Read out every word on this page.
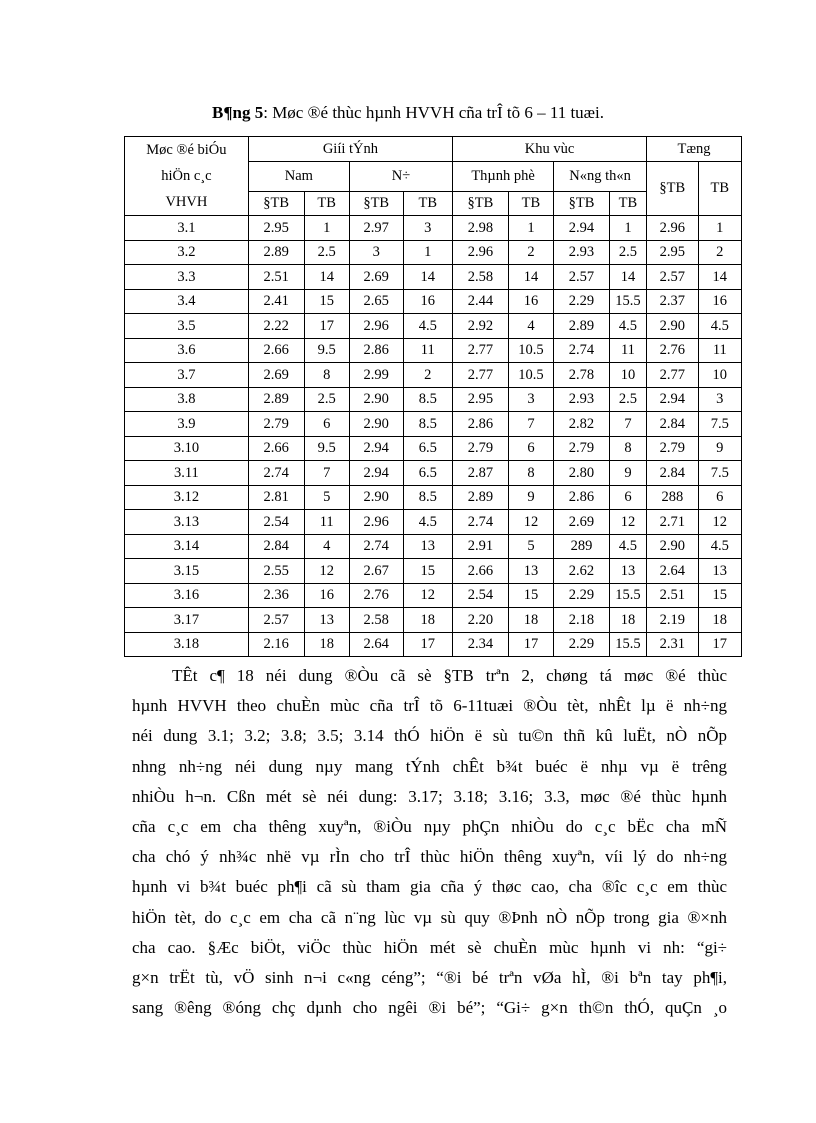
B¶ng 5: Møc ®é thùc hµnh HVVH cña trÎ tõ 6 – 11 tuæi.
Møc ®é biÓu
hiÖn c¸c
VHVH	Giíi tÝnh				Khu vùc				Tæng	
	Nam		N÷		Thµnh phè		N«ng th«n		§TB	TB
	§TB	TB	§TB	TB	§TB	TB	§TB	TB		
3.1	2.95	1	2.97	3	2.98	1	2.94	1	2.96	1
3.2	2.89	2.5	3	1	2.96	2	2.93	2.5	2.95	2
3.3	2.51	14	2.69	14	2.58	14	2.57	14	2.57	14
3.4	2.41	15	2.65	16	2.44	16	2.29	15.5	2.37	16
3.5	2.22	17	2.96	4.5	2.92	4	2.89	4.5	2.90	4.5
3.6	2.66	9.5	2.86	11	2.77	10.5	2.74	11	2.76	11
3.7	2.69	8	2.99	2	2.77	10.5	2.78	10	2.77	10
3.8	2.89	2.5	2.90	8.5	2.95	3	2.93	2.5	2.94	3
3.9	2.79	6	2.90	8.5	2.86	7	2.82	7	2.84	7.5
3.10	2.66	9.5	2.94	6.5	2.79	6	2.79	8	2.79	9
3.11	2.74	7	2.94	6.5	2.87	8	2.80	9	2.84	7.5
3.12	2.81	5	2.90	8.5	2.89	9	2.86	6	288	6
3.13	2.54	11	2.96	4.5	2.74	12	2.69	12	2.71	12
3.14	2.84	4	2.74	13	2.91	5	289	4.5	2.90	4.5
3.15	2.55	12	2.67	15	2.66	13	2.62	13	2.64	13
3.16	2.36	16	2.76	12	2.54	15	2.29	15.5	2.51	15
3.17	2.57	13	2.58	18	2.20	18	2.18	18	2.19	18
3.18	2.16	18	2.64	17	2.34	17	2.29	15.5	2.31	17
TÊt c¶ 18 néi dung ®Òu cã sè §TB trªn 2, chøng tá møc ®é thùc
hµnh HVVH theo chuÈn mùc cña trÎ tõ 6-11tuæi ®Òu tèt, nhÊt lµ ë nh÷ng
néi dung 3.1; 3.2; 3.8; 3.5; 3.14 thÓ hiÖn ë sù tu©n thñ kû luËt, nÒ nÕp
nhng nh÷ng néi dung nµy mang tÝnh chÊt b¾t buéc ë nhµ vµ ë trêng
nhiÒu h¬n. Cßn mét sè néi dung: 3.17; 3.18; 3.16; 3.3, møc ®é thùc hµnh
cña c¸c em cha thêng xuyªn, ®iÒu nµy phÇn nhiÒu do c¸c bËc cha mÑ
cha chó ý nh¾c nhë vµ rÌn cho trÎ thùc hiÖn thêng xuyªn, víi lý do nh÷ng
hµnh vi b¾t buéc ph¶i cã sù tham gia cña ý thøc cao, cha ®îc c¸c em thùc
hiÖn tèt, do c¸c em cha cã n¨ng lùc vµ sù quy ®Þnh nÒ nÕp trong gia ®×nh
cha cao. §Æc biÖt, viÖc thùc hiÖn mét sè chuÈn mùc hµnh vi nh: “gi÷
g×n trËt tù, vÖ sinh n¬i c«ng céng”; “®i bé trªn vØa hÌ, ®i bªn tay ph¶i,
sang ®êng ®óng chç dµnh cho ngêi ®i bé”; “Gi÷ g×n th©n thÓ, quÇn ¸o
